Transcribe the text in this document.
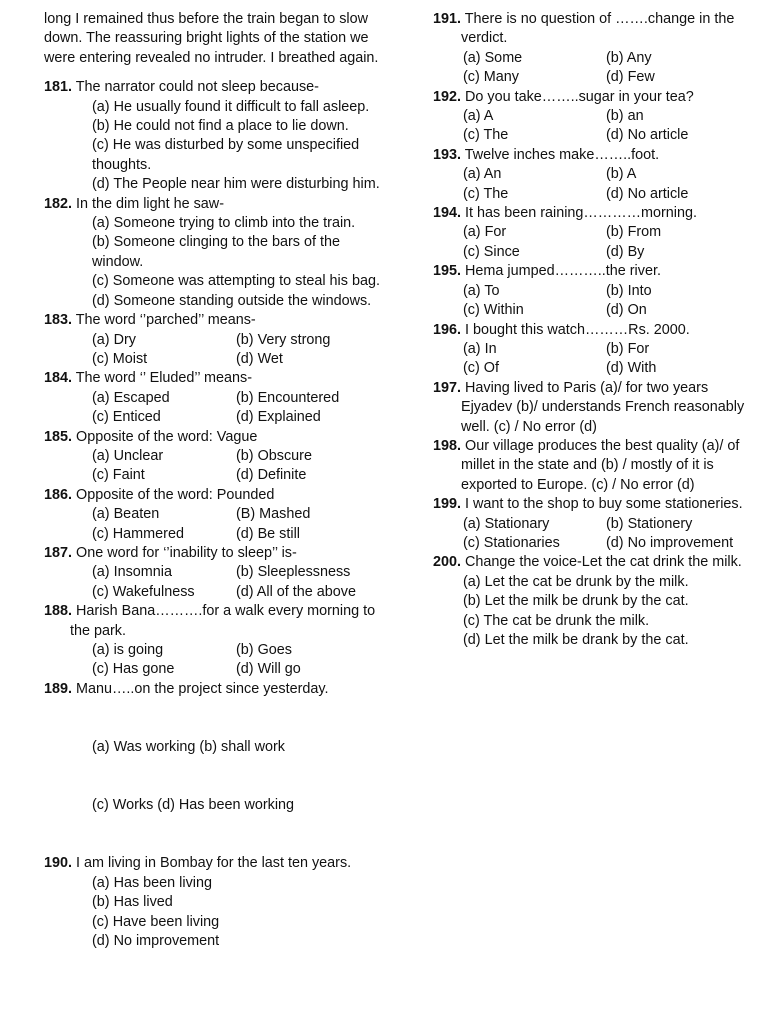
long I remained thus before the train began to slow down. The reassuring bright lights of the station we were entering revealed no intruder. I breathed again.

181. The narrator could not sleep because-
(a) He usually found it difficult to fall asleep.
(b) He could not find a place to lie down.
(c) He was disturbed by some unspecified thoughts.
(d) The People near him were disturbing him.
182. In the dim light he saw-
(a) Someone trying to climb into the train.
(b) Someone clinging to the bars of the window.
(c) Someone was attempting to steal his bag.
(d) Someone standing outside the windows.
183. The word ‘’parched’’ means-
(a) Dry	(b) Very strong
(c) Moist	(d) Wet
184. The word ‘’ Eluded’’ means-
(a) Escaped	(b) Encountered
(c) Enticed	(d) Explained
185. Opposite of the word: Vague
(a) Unclear	(b) Obscure
(c) Faint	(d) Definite
186. Opposite of the word: Pounded
(a) Beaten	(B) Mashed
(c) Hammered	(d) Be still
187. One word for ‘’inability to sleep’’ is-
(a) Insomnia	(b) Sleeplessness
(c) Wakefulness	(d) All of the above
188. Harish Bana……….for a walk every morning to the park.
(a) is going	(b) Goes
(c) Has gone	(d) Will go
189. Manu…..on the project since yesterday.

(a) Was working (b) shall work

(c) Works (d) Has been working

190. I am living in Bombay for the last ten years.
(a) Has been living
(b) Has lived
(c) Have been living
(d) No improvement
191. There is no question of …….change in the verdict.
(a) Some	(b) Any
(c) Many	(d) Few
192. Do you take……..sugar in your tea?
(a) A	(b) an
(c) The	(d) No article
193. Twelve inches make……..foot.
(a) An	(b) A
(c) The	(d) No article
194. It has been raining…………morning.
(a) For	(b) From
(c) Since	(d) By
195. Hema jumped………..the river.
(a) To	(b) Into
(c) Within	(d) On
196. I bought this watch………Rs. 2000.
(a) In	(b) For
(c) Of	(d) With
197. Having lived to Paris (a)/ for two years Ejyadev (b)/ understands French reasonably well. (c) / No error (d)
198. Our village produces the best quality (a)/ of millet in the state and (b) / mostly of it is exported to Europe. (c) / No error (d)
199. I want to the shop to buy some stationeries.
(a) Stationary	(b) Stationery
(c) Stationaries	(d) No improvement
200. Change the voice-Let the cat drink the milk.
(a) Let the cat be drunk by the milk.
(b) Let the milk be drunk by the cat.
(c) The cat be drunk the milk.
(d) Let the milk be drank by the cat.
